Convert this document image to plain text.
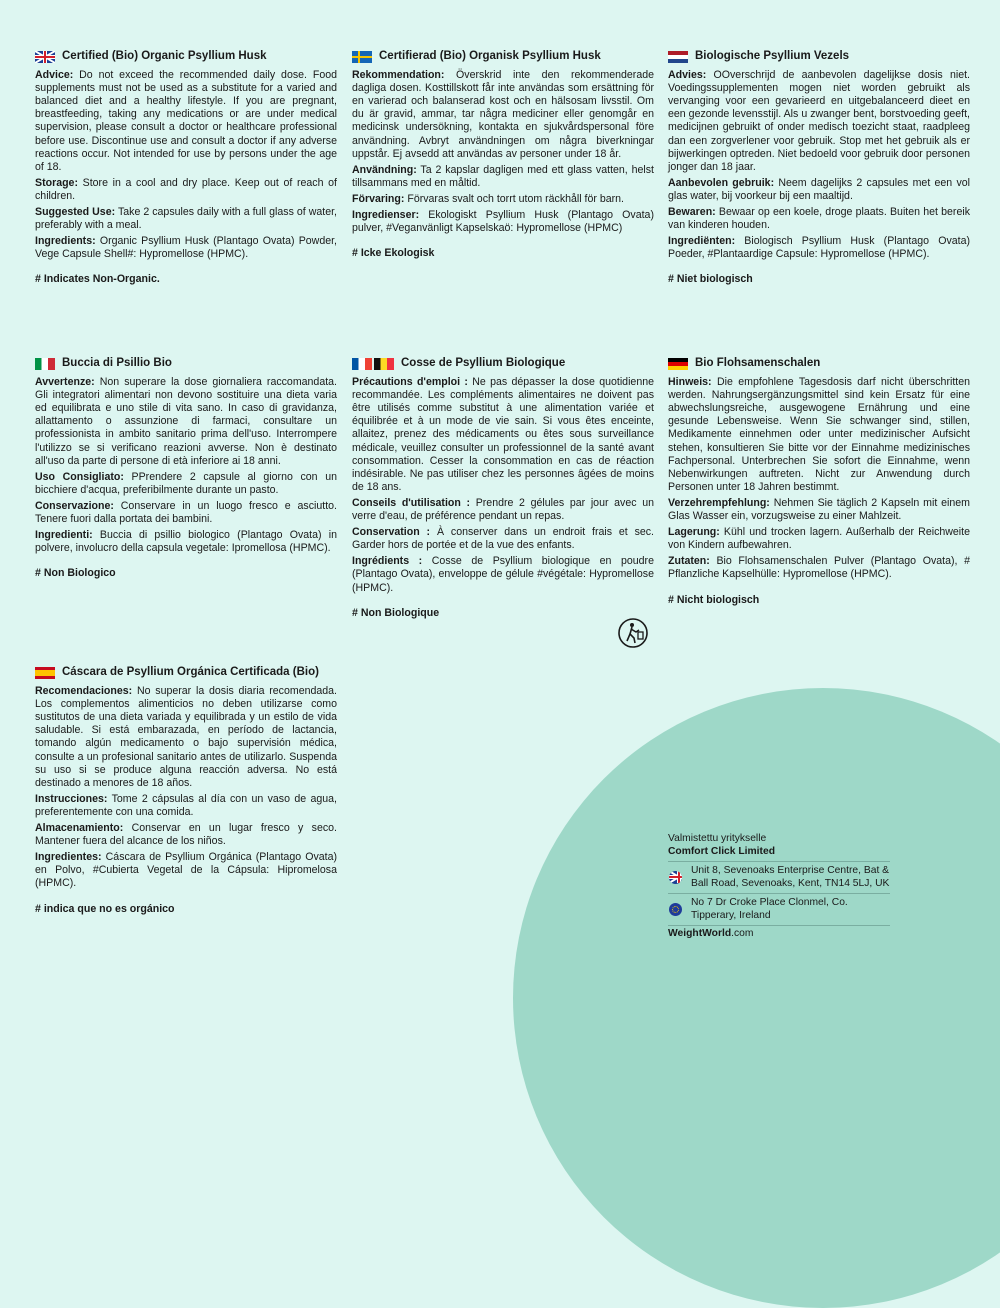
Certified (Bio) Organic Psyllium Husk

Advice: Do not exceed the recommended daily dose. Food supplements must not be used as a substitute for a varied and balanced diet and a healthy lifestyle. If you are pregnant, breastfeeding, taking any medications or are under medical supervision, please consult a doctor or healthcare professional before use. Discontinue use and consult a doctor if any adverse reactions occur. Not intended for use by persons under the age of 18.

Storage: Store in a cool and dry place. Keep out of reach of children.

Suggested Use: Take 2 capsules daily with a full glass of water, preferably with a meal.

Ingredients: Organic Psyllium Husk (Plantago Ovata) Powder, Vege Capsule Shell#: Hypromellose (HPMC).

# Indicates Non-Organic.

Certifierad (Bio) Organisk Psyllium Husk

Rekommendation: Överskrid inte den rekommenderade dagliga dosen. Kosttillskott får inte användas som ersättning för en varierad och balanserad kost och en hälsosam livsstil. Om du är gravid, ammar, tar några mediciner eller genomgår en medicinsk undersökning, kontakta en sjukvårdspersonal före användning. Avbryt användningen om några biverkningar uppstår. Ej avsedd att användas av personer under 18 år.

Användning: Ta 2 kapslar dagligen med ett glass vatten, helst tillsammans med en måltid.

Förvaring: Förvaras svalt och torrt utom räckhåll för barn.

Ingredienser: Ekologiskt Psyllium Husk (Plantago Ovata) pulver, #Veganvänligt Kapselskaö: Hypromellose (HPMC)

# Icke Ekologisk

Biologische Psyllium Vezels

Advies: OOverschrijd de aanbevolen dagelijkse dosis niet. Voedingssupplementen mogen niet worden gebruikt als vervanging voor een gevarieerd en uitgebalanceerd dieet en een gezonde levensstijl. Als u zwanger bent, borstvoeding geeft, medicijnen gebruikt of onder medisch toezicht staat, raadpleeg dan een zorgverlener voor gebruik. Stop met het gebruik als er bijwerkingen optreden. Niet bedoeld voor gebruik door personen jonger dan 18 jaar.

Aanbevolen gebruik: Neem dagelijks 2 capsules met een vol glas water, bij voorkeur bij een maaltijd.

Bewaren: Bewaar op een koele, droge plaats. Buiten het bereik van kinderen houden.

Ingrediënten: Biologisch Psyllium Husk (Plantago Ovata) Poeder, #Plantaardige Capsule: Hypromellose (HPMC).

# Niet biologisch

Buccia di Psillio Bio

Avvertenze: Non superare la dose giornaliera raccomandata. Gli integratori alimentari non devono sostituire una dieta varia ed equilibrata e uno stile di vita sano. In caso di gravidanza, allattamento o assunzione di farmaci, consultare un professionista in ambito sanitario prima dell'uso. Interrompere l'utilizzo se si verificano reazioni avverse. Non è destinato all'uso da parte di persone di età inferiore ai 18 anni.

Uso Consigliato: PPrendere 2 capsule al giorno con un bicchiere d'acqua, preferibilmente durante un pasto.

Conservazione: Conservare in un luogo fresco e asciutto. Tenere fuori dalla portata dei bambini.

Ingredienti: Buccia di psillio biologico (Plantago Ovata) in polvere, involucro della capsula vegetale: Ipromellosa (HPMC).

# Non Biologico

Cosse de Psyllium Biologique

Précautions d'emploi : Ne pas dépasser la dose quotidienne recommandée. Les compléments alimentaires ne doivent pas être utilisés comme substitut à une alimentation variée et équilibrée et à un mode de vie sain. Si vous êtes enceinte, allaitez, prenez des médicaments ou êtes sous surveillance médicale, veuillez consulter un professionnel de la santé avant consommation. Cesser la consommation en cas de réaction indésirable. Ne pas utiliser chez les personnes âgées de moins de 18 ans.

Conseils d'utilisation : Prendre 2 gélules par jour avec un verre d'eau, de préférence pendant un repas.

Conservation : À conserver dans un endroit frais et sec. Garder hors de portée et de la vue des enfants.

Ingrédients : Cosse de Psyllium biologique en poudre (Plantago Ovata), enveloppe de gélule #végétale: Hypromellose (HPMC).

# Non Biologique

Bio Flohsamenschalen

Hinweis: Die empfohlene Tagesdosis darf nicht überschritten werden. Nahrungsergänzungsmittel sind kein Ersatz für eine abwechslungsreiche, ausgewogene Ernährung und eine gesunde Lebensweise. Wenn Sie schwanger sind, stillen, Medikamente einnehmen oder unter medizinischer Aufsicht stehen, konsultieren Sie bitte vor der Einnahme medizinisches Fachpersonal. Unterbrechen Sie sofort die Einnahme, wenn Nebenwirkungen auftreten. Nicht zur Anwendung durch Personen unter 18 Jahren bestimmt.

Verzehrempfehlung: Nehmen Sie täglich 2 Kapseln mit einem Glas Wasser ein, vorzugsweise zu einer Mahlzeit.

Lagerung: Kühl und trocken lagern. Außerhalb der Reichweite von Kindern aufbewahren.

Zutaten: Bio Flohsamenschalen Pulver (Plantago Ovata), # Pflanzliche Kapselhülle: Hypromellose (HPMC).

# Nicht biologisch

Cáscara de Psyllium Orgánica Certificada (Bio)

Recomendaciones: No superar la dosis diaria recomendada. Los complementos alimenticios no deben utilizarse como sustitutos de una dieta variada y equilibrada y un estilo de vida saludable. Si está embarazada, en período de lactancia, tomando algún medicamento o bajo supervisión médica, consulte a un profesional sanitario antes de utilizarlo. Suspenda su uso si se produce alguna reacción adversa. No está destinado a menores de 18 años.

Instrucciones: Tome 2 cápsulas al día con un vaso de agua, preferentemente con una comida.

Almacenamiento: Conservar en un lugar fresco y seco. Mantener fuera del alcance de los niños.

Ingredientes: Cáscara de Psyllium Orgánica (Plantago Ovata) en Polvo, #Cubierta Vegetal de la Cápsula: Hipromelosa (HPMC).

# indica que no es orgánico

Valmistettu yritykselle
Comfort Click Limited
Unit 8, Sevenoaks Enterprise Centre, Bat & Ball Road, Sevenoaks, Kent, TN14 5LJ, UK
No 7 Dr Croke Place Clonmel, Co. Tipperary, Ireland
WeightWorld.com
